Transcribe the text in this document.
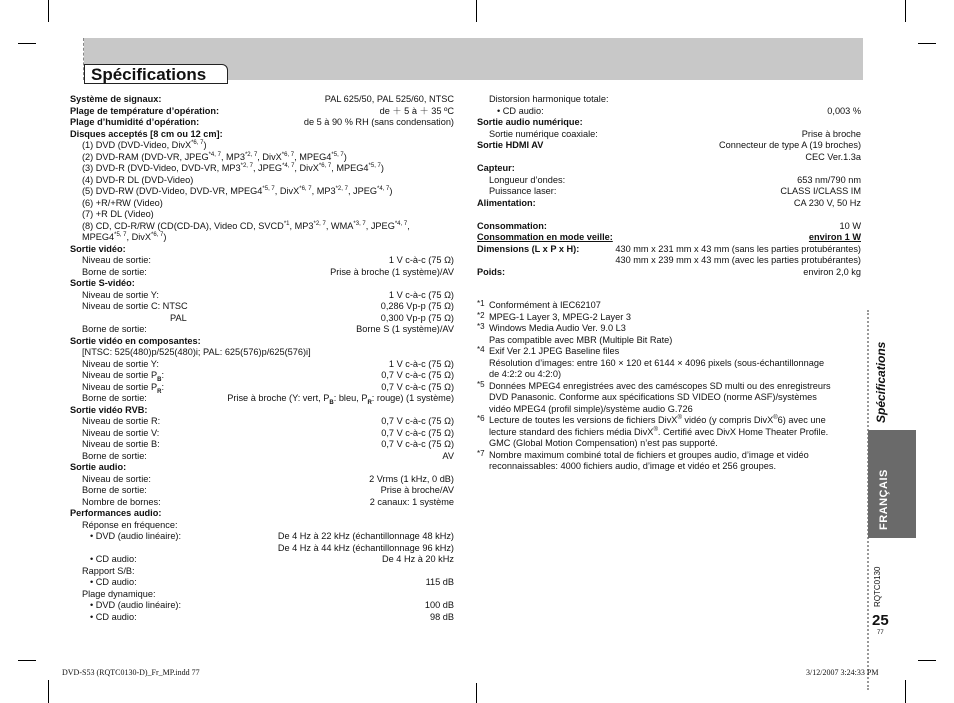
Spécifications
Système de signaux:	PAL 625/50, PAL 525/60, NTSC
Plage de température d’opération:	de ＋ 5 à ＋ 35 ºC
Plage d’humidité d’opération:	de 5 à 90 % RH (sans condensation)
Disques acceptés [8 cm ou 12 cm]:
(1) DVD (DVD-Video, DivX$^{*6, 7}$)
(2) DVD-RAM (DVD-VR, JPEG$^{*4, 7}$, MP3$^{*2, 7}$, DivX$^{*6, 7}$, MPEG4$^{*5, 7}$)
(3) DVD-R (DVD-Video, DVD-VR, MP3$^{*2, 7}$, JPEG$^{*4, 7}$, DivX$^{*6, 7}$, MPEG4$^{*5, 7}$)
(4) DVD-R DL (DVD-Video)
(5) DVD-RW (DVD-Video, DVD-VR, MPEG4$^{*5, 7}$, DivX$^{*6, 7}$, MP3$^{*2, 7}$, JPEG$^{*4, 7}$)
(6) +R/+RW (Video)
(7) +R DL (Video)
(8) CD, CD-R/RW (CD(CD-DA), Video CD, SVCD$^{*1}$, MP3$^{*2, 7}$, WMA$^{*3, 7}$, JPEG$^{*4, 7}$,
MPEG4$^{*5, 7}$, DivX$^{*6, 7}$)
Sortie vidéo:
Niveau de sortie:	1 V c-à-c (75 Ω)
Borne de sortie:	Prise à broche (1 système)/AV
Sortie S-vidéo:
Niveau de sortie Y:	1 V c-à-c (75 Ω)
Niveau de sortie C: NTSC	0,286 Vp-p (75 Ω)
PAL	0,300 Vp-p (75 Ω)
Borne de sortie:	Borne S (1 système)/AV
Sortie vidéo en composantes:
[NTSC: 525(480)p/525(480)i; PAL: 625(576)p/625(576)i]
Niveau de sortie Y:	1 V c-à-c (75 Ω)
Niveau de sortie $P_B$:	0,7 V c-à-c (75 Ω)
Niveau de sortie $P_R$:	0,7 V c-à-c (75 Ω)
Borne de sortie:	Prise à broche (Y: vert, $P_B$: bleu, $P_R$: rouge) (1 système)
Sortie vidéo RVB:
Niveau de sortie R:	0,7 V c-à-c (75 Ω)
Niveau de sortie V:	0,7 V c-à-c (75 Ω)
Niveau de sortie B:	0,7 V c-à-c (75 Ω)
Borne de sortie:	AV
Sortie audio:
Niveau de sortie:	2 Vrms (1 kHz, 0 dB)
Borne de sortie:	Prise à broche/AV
Nombre de bornes:	2 canaux: 1 système
Performances audio:
Réponse en fréquence:
• DVD (audio linéaire):	De 4 Hz à 22 kHz (échantillonnage 48 kHz)
De 4 Hz à 44 kHz (échantillonnage 96 kHz)
• CD audio:	De 4 Hz à 20 kHz
Rapport S/B:
• CD audio:	115 dB
Plage dynamique:
• DVD (audio linéaire):	100 dB
• CD audio:	98 dB
Distorsion harmonique totale:
• CD audio:	0,003 %
Sortie audio numérique:
Sortie numérique coaxiale:	Prise à broche
Sortie HDMI AV	Connecteur de type A (19 broches)
CEC Ver.1.3a
Capteur:
Longueur d’ondes:	653 nm/790 nm
Puissance laser:	CLASS I/CLASS IM
Alimentation:	CA 230 V, 50 Hz
Consommation:	10 W
Consommation en mode veille:	environ 1 W
Dimensions (L x P x H):	430 mm x 231 mm x 43 mm (sans les parties protubérantes)
430 mm x 239 mm x 43 mm (avec les parties protubérantes)
Poids:	environ 2,0 kg
*1 Conformément à IEC62107
*2 MPEG-1 Layer 3, MPEG-2 Layer 3
*3 Windows Media Audio Ver. 9.0 L3
Pas compatible avec MBR (Multiple Bit Rate)
*4 Exif Ver 2.1 JPEG Baseline files
Résolution d’images: entre 160 × 120 et 6144 × 4096 pixels (sous-échantillonnage
de 4:2:2 ou 4:2:0)
*5 Données MPEG4 enregistrées avec des caméscopes SD multi ou des enregistreurs
DVD Panasonic. Conforme aux spécifications SD VIDEO (norme ASF)/systèmes
vidéo MPEG4 (profil simple)/système audio G.726
*6 Lecture de toutes les versions de fichiers DivX® vidéo (y compris DivX®6) avec une
lecture standard des fichiers média DivX®. Certifié avec DivX Home Theater Profile.
GMC (Global Motion Compensation) n’est pas supporté.
*7 Nombre maximum combiné total de fichiers et groupes audio, d’image et vidéo
reconnaissables: 4000 fichiers audio, d’image et vidéo et 256 groupes.
Spécifications
FRANÇAIS
RQTC0130
25
77
DVD-S53 (RQTC0130-D)_Fr_MP.indd 77	3/12/2007 3:24:33 PM
